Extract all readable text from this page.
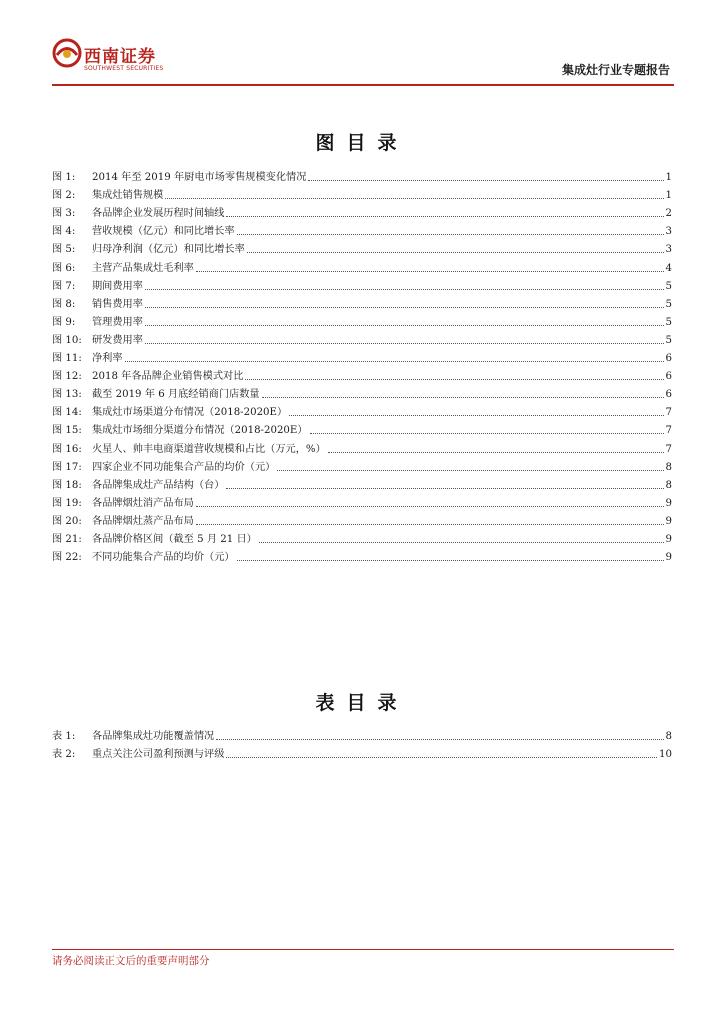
西南证券
SOUTHWEST SECURITIES	集成灶行业专题报告
图目录
图 1:	2014 年至 2019 年厨电市场零售规模变化情况	1
图 2:	集成灶销售规模	1
图 3:	各品牌企业发展历程时间轴线	2
图 4:	营收规模（亿元）和同比增长率	3
图 5:	归母净利润（亿元）和同比增长率	3
图 6:	主营产品集成灶毛利率	4
图 7:	期间费用率	5
图 8:	销售费用率	5
图 9:	管理费用率	5
图 10: 研发费用率	5
图 11: 净利率	6
图 12: 2018 年各品牌企业销售模式对比	6
图 13: 截至 2019 年 6 月底经销商门店数量	6
图 14: 集成灶市场渠道分布情况（2018-2020E）	7
图 15: 集成灶市场细分渠道分布情况（2018-2020E）	7
图 16: 火星人、帅丰电商渠道营收规模和占比（万元，%）	7
图 17: 四家企业不同功能集合产品的均价（元）	8
图 18: 各品牌集成灶产品结构（台）	8
图 19: 各品牌烟灶消产品布局	9
图 20: 各品牌烟灶蒸产品布局	9
图 21: 各品牌价格区间（截至 5 月 21 日）	9
图 22: 不同功能集合产品的均价（元）	9
表目录
表 1:	各品牌集成灶功能覆盖情况	8
表 2:	重点关注公司盈利预测与评级	10
请务必阅读正文后的重要声明部分
